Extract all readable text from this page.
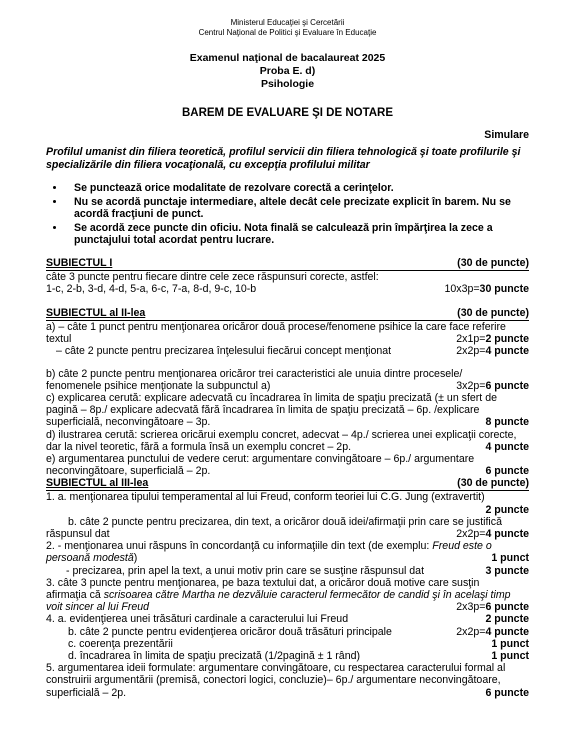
Ministerul Educaţiei şi Cercetării
Centrul Naţional de Politici şi Evaluare în Educaţie
Examenul naţional de bacalaureat 2025
Proba E. d)
Psihologie
BAREM DE EVALUARE ŞI DE NOTARE
Simulare
Profilul umanist din filiera teoretică, profilul servicii din filiera tehnologică şi toate profilurile şi specializările din filiera vocaţională, cu excepţia profilului militar
• Se punctează orice modalitate de rezolvare corectă a cerinţelor.
• Nu se acordă punctaje intermediare, altele decât cele precizate explicit în barem. Nu se acordă fracţiuni de punct.
• Se acordă zece puncte din oficiu. Nota finală se calculează prin împărţirea la zece a punctajului total acordat pentru lucrare.
SUBIECTUL I	(30 de puncte)
câte 3 puncte pentru fiecare dintre cele zece răspunsuri corecte, astfel:
1-c, 2-b, 3-d, 4-d, 5-a, 6-c, 7-a, 8-d, 9-c, 10-b	10x3p=30 puncte
SUBIECTUL al II-lea	(30 de puncte)
a) – câte 1 punct pentru menţionarea oricăror două procese/fenomene psihice la care face referire
textul	2x1p=2 puncte
– câte 2 puncte pentru precizarea înţelesului fiecărui concept menţionat	2x2p=4 puncte
b) câte 2 puncte pentru menţionarea oricăror trei caracteristici ale unuia dintre procesele/
fenomenele psihice menţionate la subpunctul a)	3x2p=6 puncte
c) explicarea cerută: explicare adecvată cu încadrarea în limita de spaţiu precizată (± un sfert de
pagină – 8p./ explicare adecvată fără încadrarea în limita de spaţiu precizată – 6p. /explicare
superficială, neconvingătoare – 3p.	8 puncte
d) ilustrarea cerută: scrierea oricărui exemplu concret, adecvat – 4p./ scrierea unei explicaţii corecte,
dar la nivel teoretic, fără a formula însă un exemplu concret – 2p.	4 puncte
e) argumentarea punctului de vedere cerut: argumentare convingătoare – 6p./ argumentare
neconvingătoare, superficială – 2p.	6 puncte
SUBIECTUL al III-lea	(30 de puncte)
1. a. menţionarea tipului temperamental al lui Freud, conform teoriei lui C.G. Jung (extravertit)
2 puncte
b. câte 2 puncte pentru precizarea, din text, a oricăror două idei/afirmaţii prin care se justifică
răspunsul dat	2x2p=4 puncte
2. - menţionarea unui răspuns în concordanţă cu informaţiile din text (de exemplu: Freud este o
persoană modestă)	1 punct
- precizarea, prin apel la text, a unui motiv prin care se susţine răspunsul dat	3 puncte
3. câte 3 puncte pentru menţionarea, pe baza textului dat, a oricăror două motive care susţin
afirmaţia că scrisoarea către Martha ne dezvăluie caracterul fermecător de candid şi în acelaşi timp
voit sincer al lui Freud	2x3p=6 puncte
4. a. evidenţierea unei trăsături cardinale a caracterului lui Freud	2 puncte
b. câte 2 puncte pentru evidenţierea oricăror două trăsături principale	2x2p=4 puncte
c. coerenţa prezentării	1 punct
d. încadrarea în limita de spaţiu precizată (1/2pagină ± 1 rând)	1 punct
5. argumentarea ideii formulate: argumentare convingătoare, cu respectarea caracterului formal al
construirii argumentării (premisă, conectori logici, concluzie)– 6p./ argumentare neconvingătoare,
superficială – 2p.	6 puncte
